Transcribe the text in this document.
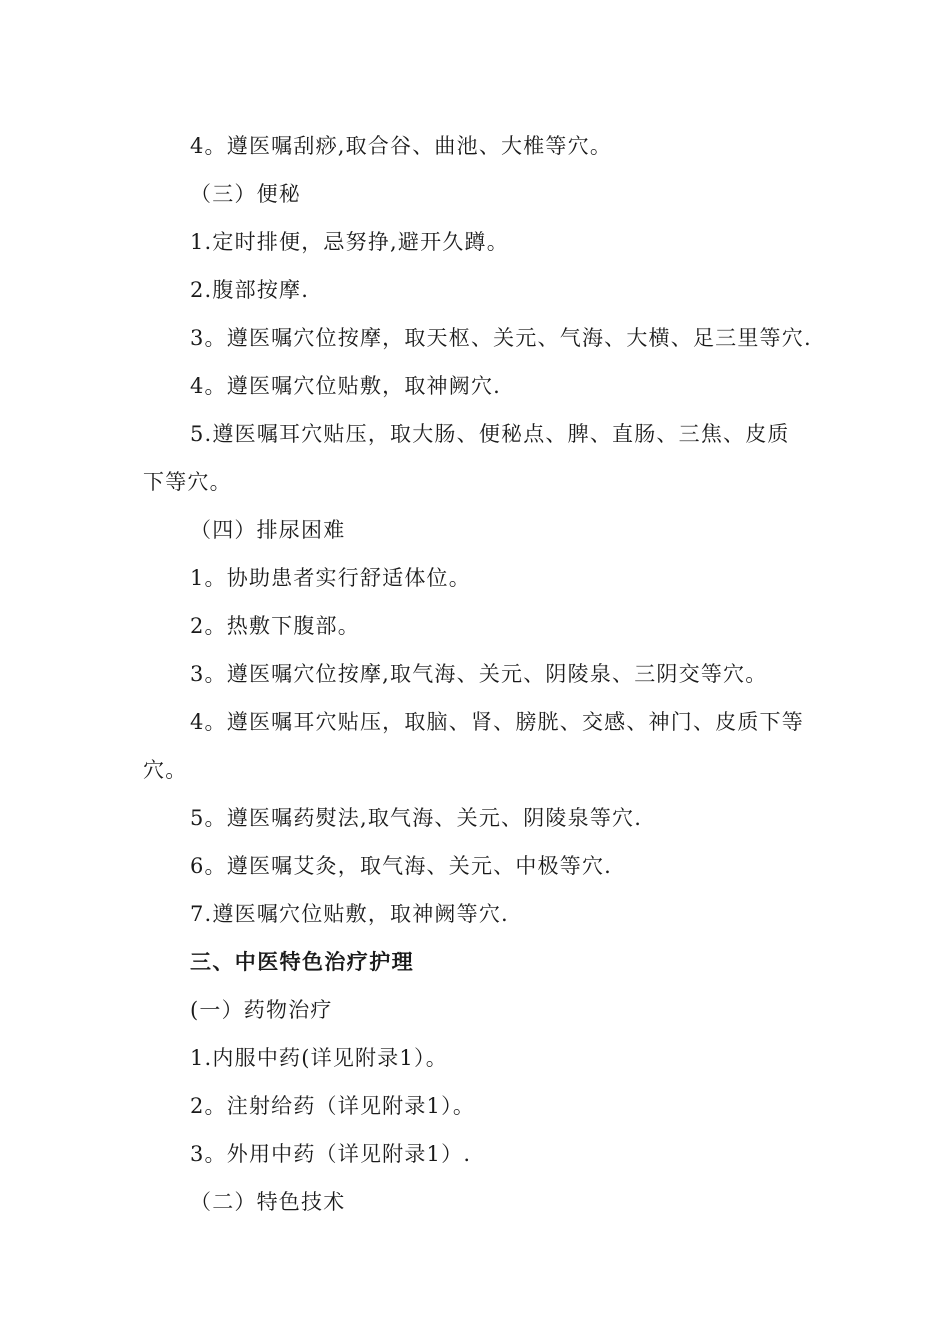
4。遵医嘱刮痧,取合谷、曲池、大椎等穴。
（三）便秘
1.定时排便，忌努挣,避开久蹲。
2.腹部按摩.
3。遵医嘱穴位按摩，取天枢、关元、气海、大横、足三里等穴.
4。遵医嘱穴位贴敷，取神阙穴.
5.遵医嘱耳穴贴压，取大肠、便秘点、脾、直肠、三焦、皮质
下等穴。
（四）排尿困难
1。协助患者实行舒适体位。
2。热敷下腹部。
3。遵医嘱穴位按摩,取气海、关元、阴陵泉、三阴交等穴。
4。遵医嘱耳穴贴压，取脑、肾、膀胱、交感、神门、皮质下等
穴。
5。遵医嘱药熨法,取气海、关元、阴陵泉等穴.
6。遵医嘱艾灸，取气海、关元、中极等穴.
7.遵医嘱穴位贴敷，取神阙等穴.
三、中医特色治疗护理
(一）药物治疗
1.内服中药(详见附录1）。
2。注射给药（详见附录1）。
3。外用中药（详见附录1）.
（二）特色技术
